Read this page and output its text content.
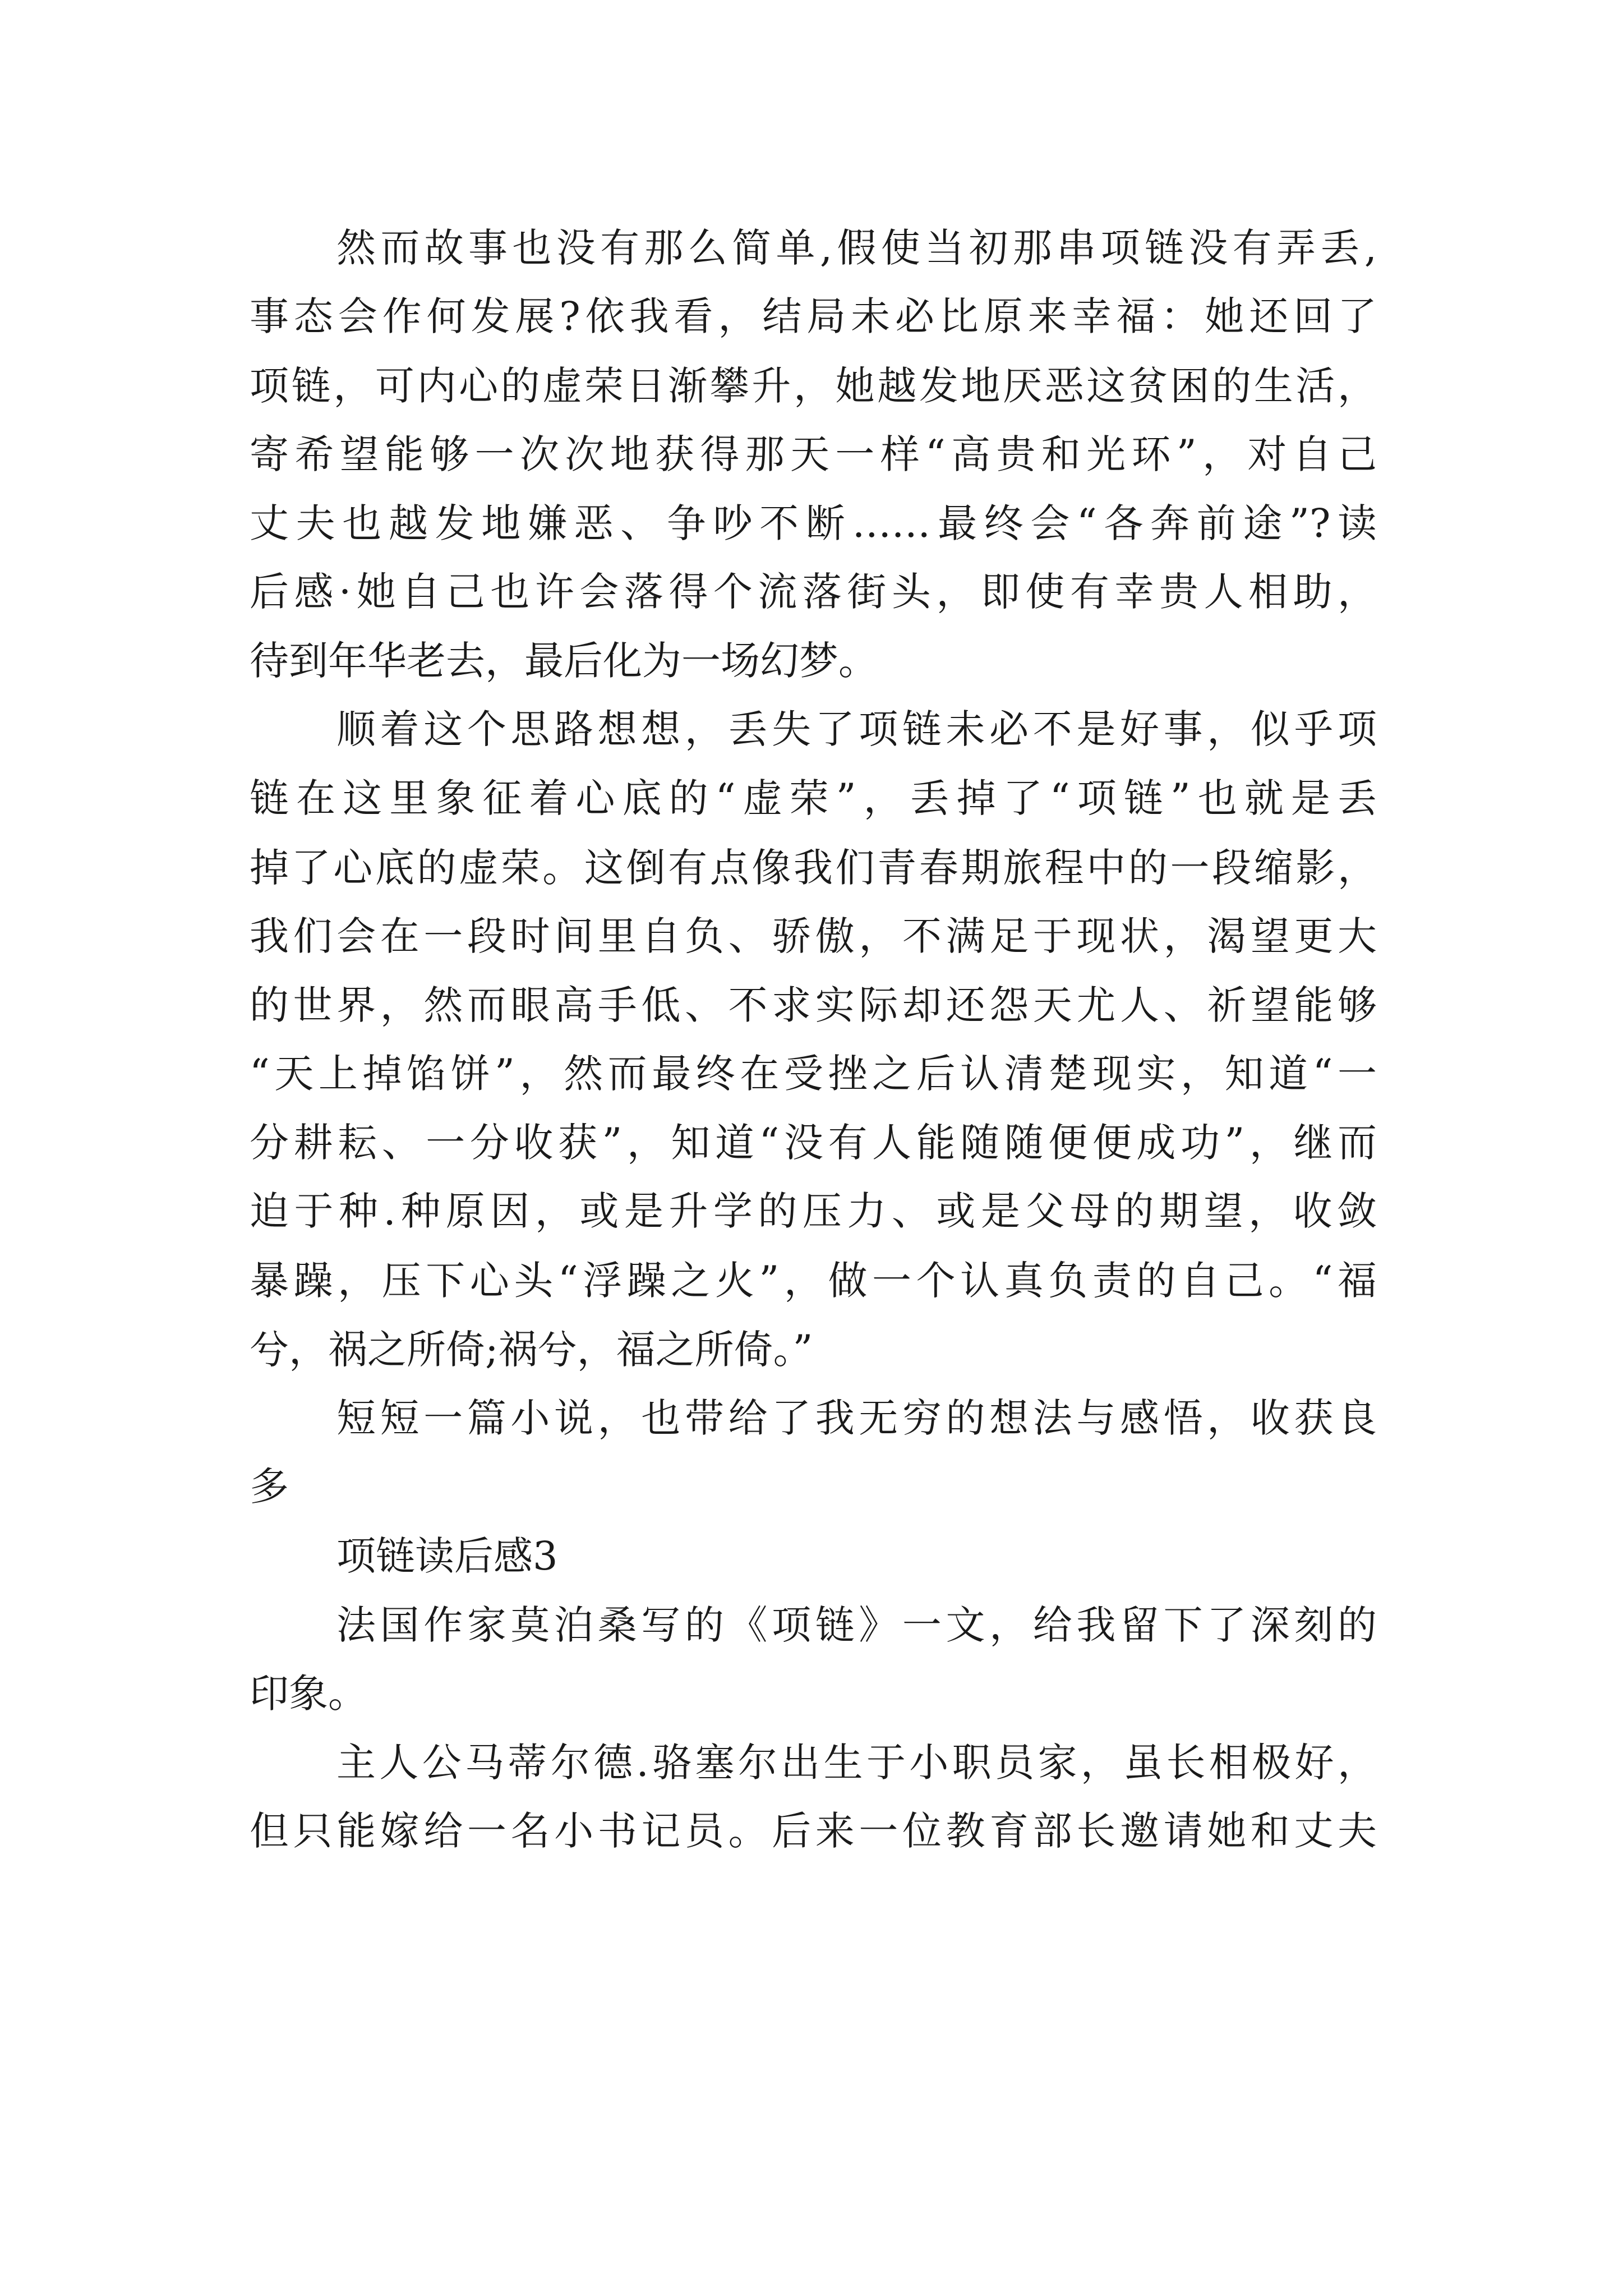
然而故事也没有那么简单,假使当初那串项链没有弄丢,

事态会作何发展?依我看，结局未必比原来幸福：她还回了

项链，可内心的虚荣日渐攀升，她越发地厌恶这贫困的生活，

寄希望能够一次次地获得那天一样“高贵和光环”，对自己

丈夫也越发地嫌恶、争吵不断……最终会“各奔前途”?读

后感·她自己也许会落得个流落街头，即使有幸贵人相助，

待到年华老去，最后化为一场幻梦。

顺着这个思路想想，丢失了项链未必不是好事，似乎项

链在这里象征着心底的“虚荣”，丢掉了“项链”也就是丢

掉了心底的虚荣。这倒有点像我们青春期旅程中的一段缩影，

我们会在一段时间里自负、骄傲，不满足于现状，渴望更大

的世界，然而眼高手低、不求实际却还怨天尤人、祈望能够

“天上掉馅饼”，然而最终在受挫之后认清楚现实，知道“一

分耕耘、一分收获”，知道“没有人能随随便便成功”，继而

迫于种.种原因，或是升学的压力、或是父母的期望，收敛

暴躁，压下心头“浮躁之火”，做一个认真负责的自己。“福

兮，祸之所倚;祸兮，福之所倚。”

短短一篇小说，也带给了我无穷的想法与感悟，收获良

多

项链读后感3

法国作家莫泊桑写的《项链》一文，给我留下了深刻的

印象。

主人公马蒂尔德.骆塞尔出生于小职员家，虽长相极好，

但只能嫁给一名小书记员。后来一位教育部长邀请她和丈夫
